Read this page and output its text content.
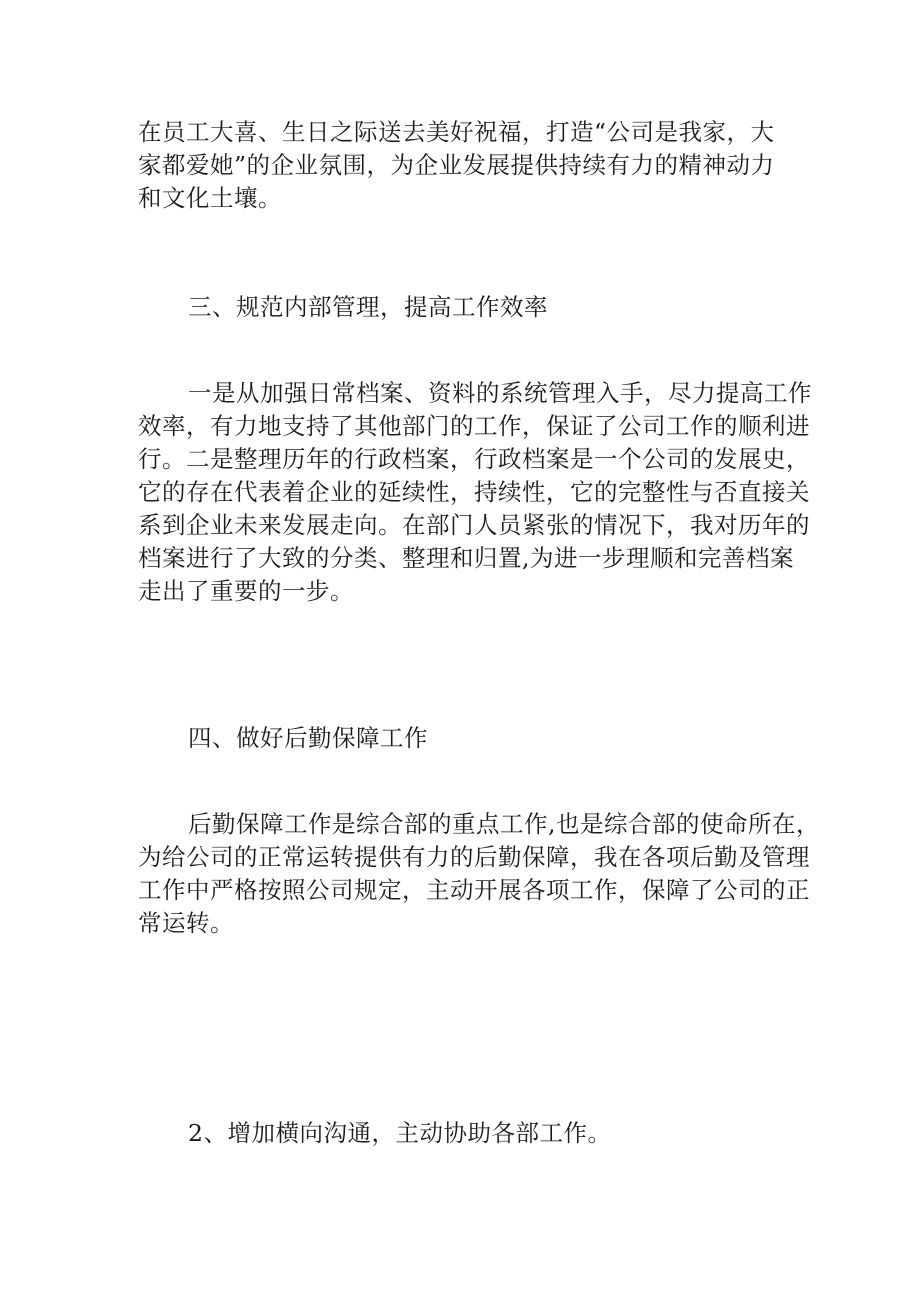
在员工大喜、生日之际送去美好祝福，打造“公司是我家，大
家都爱她”的企业氛围，为企业发展提供持续有力的精神动力
和文化土壤。

三、规范内部管理，提高工作效率

一是从加强日常档案、资料的系统管理入手，尽力提高工作
效率，有力地支持了其他部门的工作，保证了公司工作的顺利进
行。二是整理历年的行政档案，行政档案是一个公司的发展史，
它的存在代表着企业的延续性，持续性，它的完整性与否直接关
系到企业未来发展走向。在部门人员紧张的情况下，我对历年的
档案进行了大致的分类、整理和归置,为进一步理顺和完善档案
走出了重要的一步。

四、做好后勤保障工作

后勤保障工作是综合部的重点工作,也是综合部的使命所在，
为给公司的正常运转提供有力的后勤保障，我在各项后勤及管理
工作中严格按照公司规定，主动开展各项工作，保障了公司的正
常运转。

2、增加横向沟通，主动协助各部工作。
